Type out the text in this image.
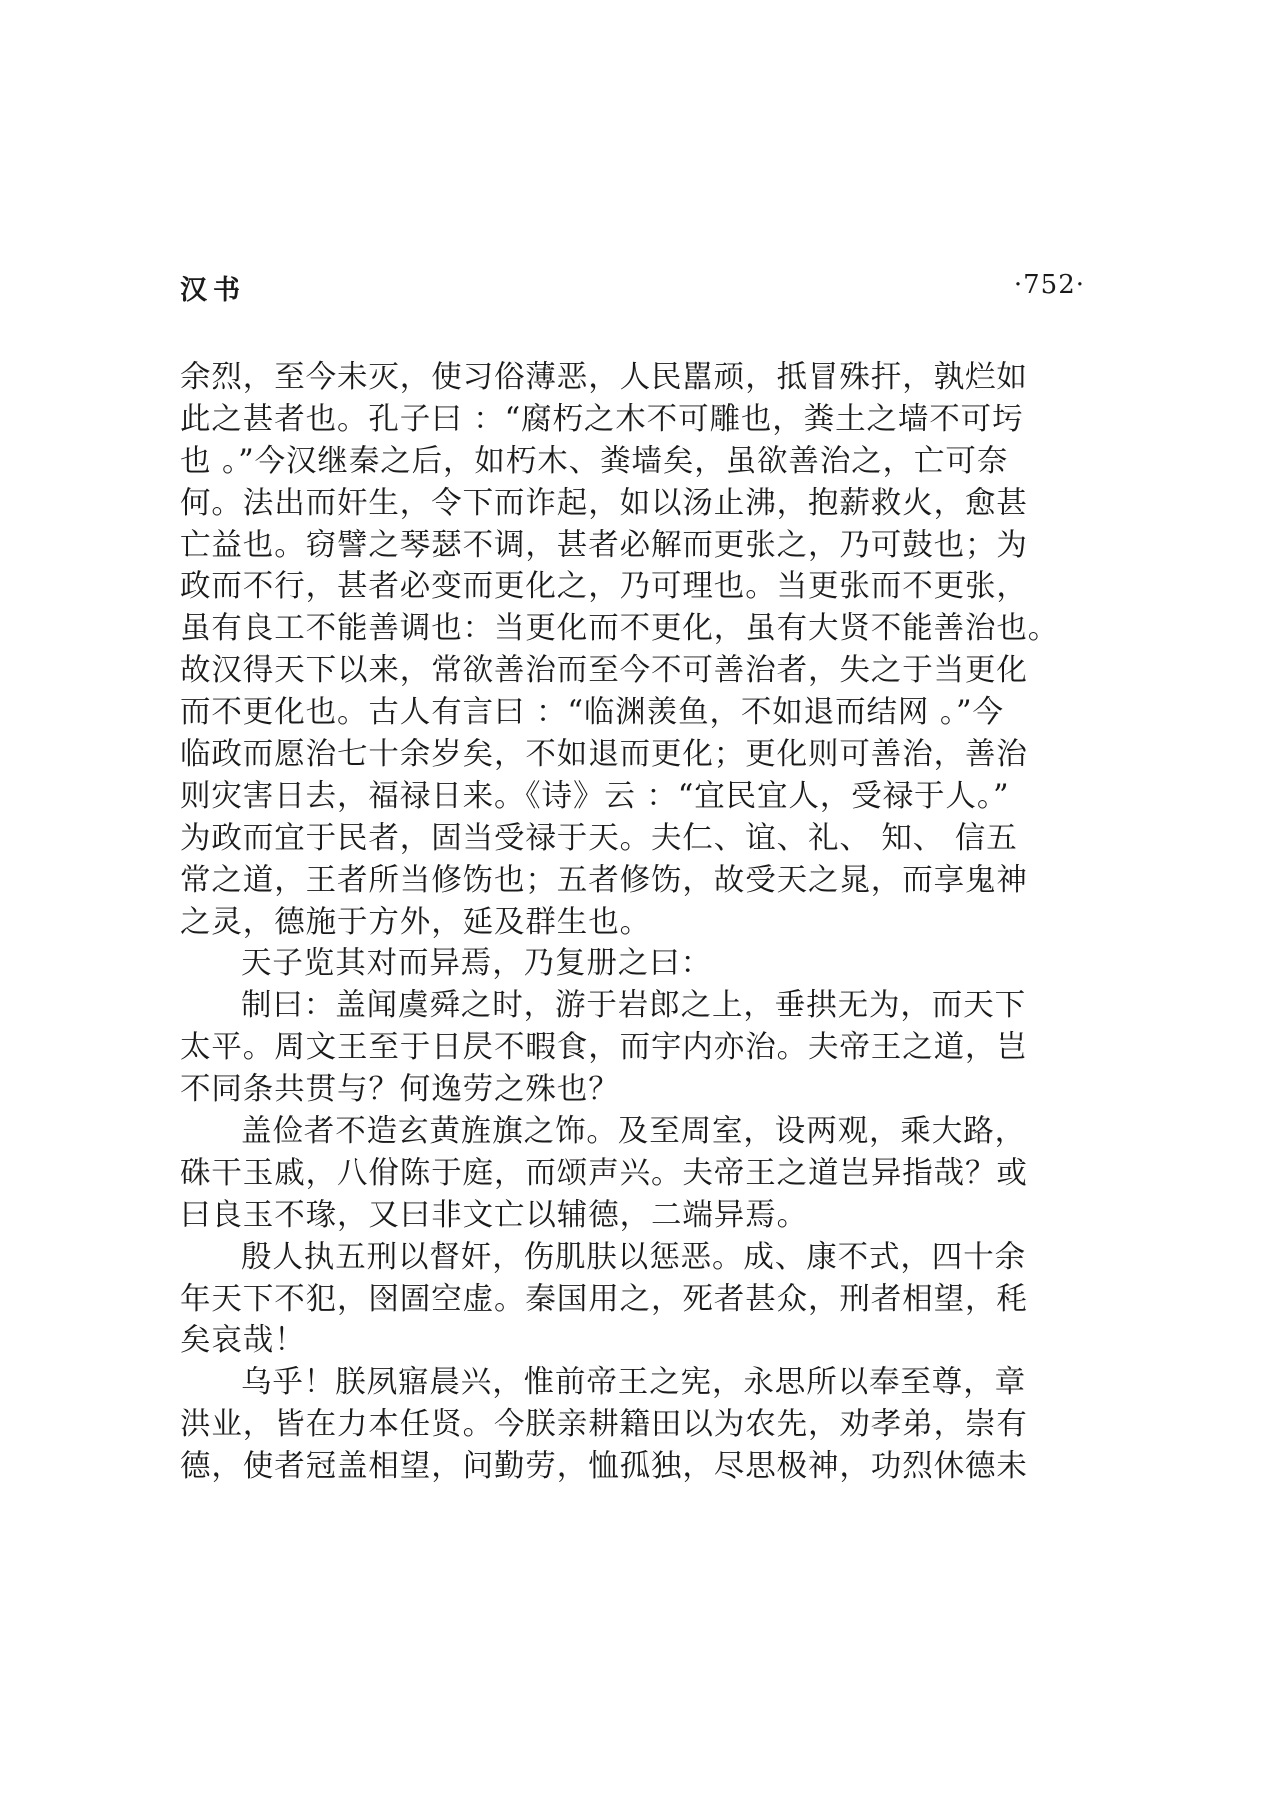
汉书	·752·
余烈，至今未灭，使习俗薄恶，人民嚚顽，抵冒殊扞，孰烂如
此之甚者也。孔子曰 ：“腐朽之木不可雕也，粪土之墙不可圬
也 。”今汉继秦之后，如朽木、粪墙矣，虽欲善治之，亡可奈
何。法出而奸生，令下而诈起，如以汤止沸，抱薪救火，愈甚
亡益也。窃譬之琴瑟不调，甚者必解而更张之，乃可鼓也；为
政而不行，甚者必变而更化之，乃可理也。当更张而不更张，
虽有良工不能善调也：当更化而不更化，虽有大贤不能善治也。
故汉得天下以来，常欲善治而至今不可善治者，失之于当更化
而不更化也。古人有言曰 ：“临渊羡鱼，不如退而结网 。”今
临政而愿治七十余岁矣，不如退而更化；更化则可善治，善治
则灾害日去，福禄日来。《诗》云 ：“宜民宜人，受禄于人。”
为政而宜于民者，固当受禄于天。夫仁、谊、礼、 知、 信五
常之道，王者所当修饬也；五者修饬，故受天之晁，而享鬼神
之灵，德施于方外，延及群生也。
天子览其对而异焉，乃复册之曰：
制曰：盖闻虞舜之时，游于岩郎之上，垂拱无为，而天下
太平。周文王至于日昃不暇食，而宇内亦治。夫帝王之道，岂
不同条共贯与？何逸劳之殊也？
盖俭者不造玄黄旌旗之饰。及至周室，设两观，乘大路，
硃干玉戚，八佾陈于庭，而颂声兴。夫帝王之道岂异指哉？或
曰良玉不瑑，又曰非文亡以辅德，二端异焉。
殷人执五刑以督奸，伤肌肤以惩恶。成、康不式，四十余
年天下不犯，囹圄空虚。秦国用之，死者甚众，刑者相望，秏
矣哀哉！
乌乎！朕夙寤晨兴，惟前帝王之宪，永思所以奉至尊，章
洪业，皆在力本任贤。今朕亲耕籍田以为农先，劝孝弟，崇有
德，使者冠盖相望，问勤劳，恤孤独，尽思极神，功烈休德未
